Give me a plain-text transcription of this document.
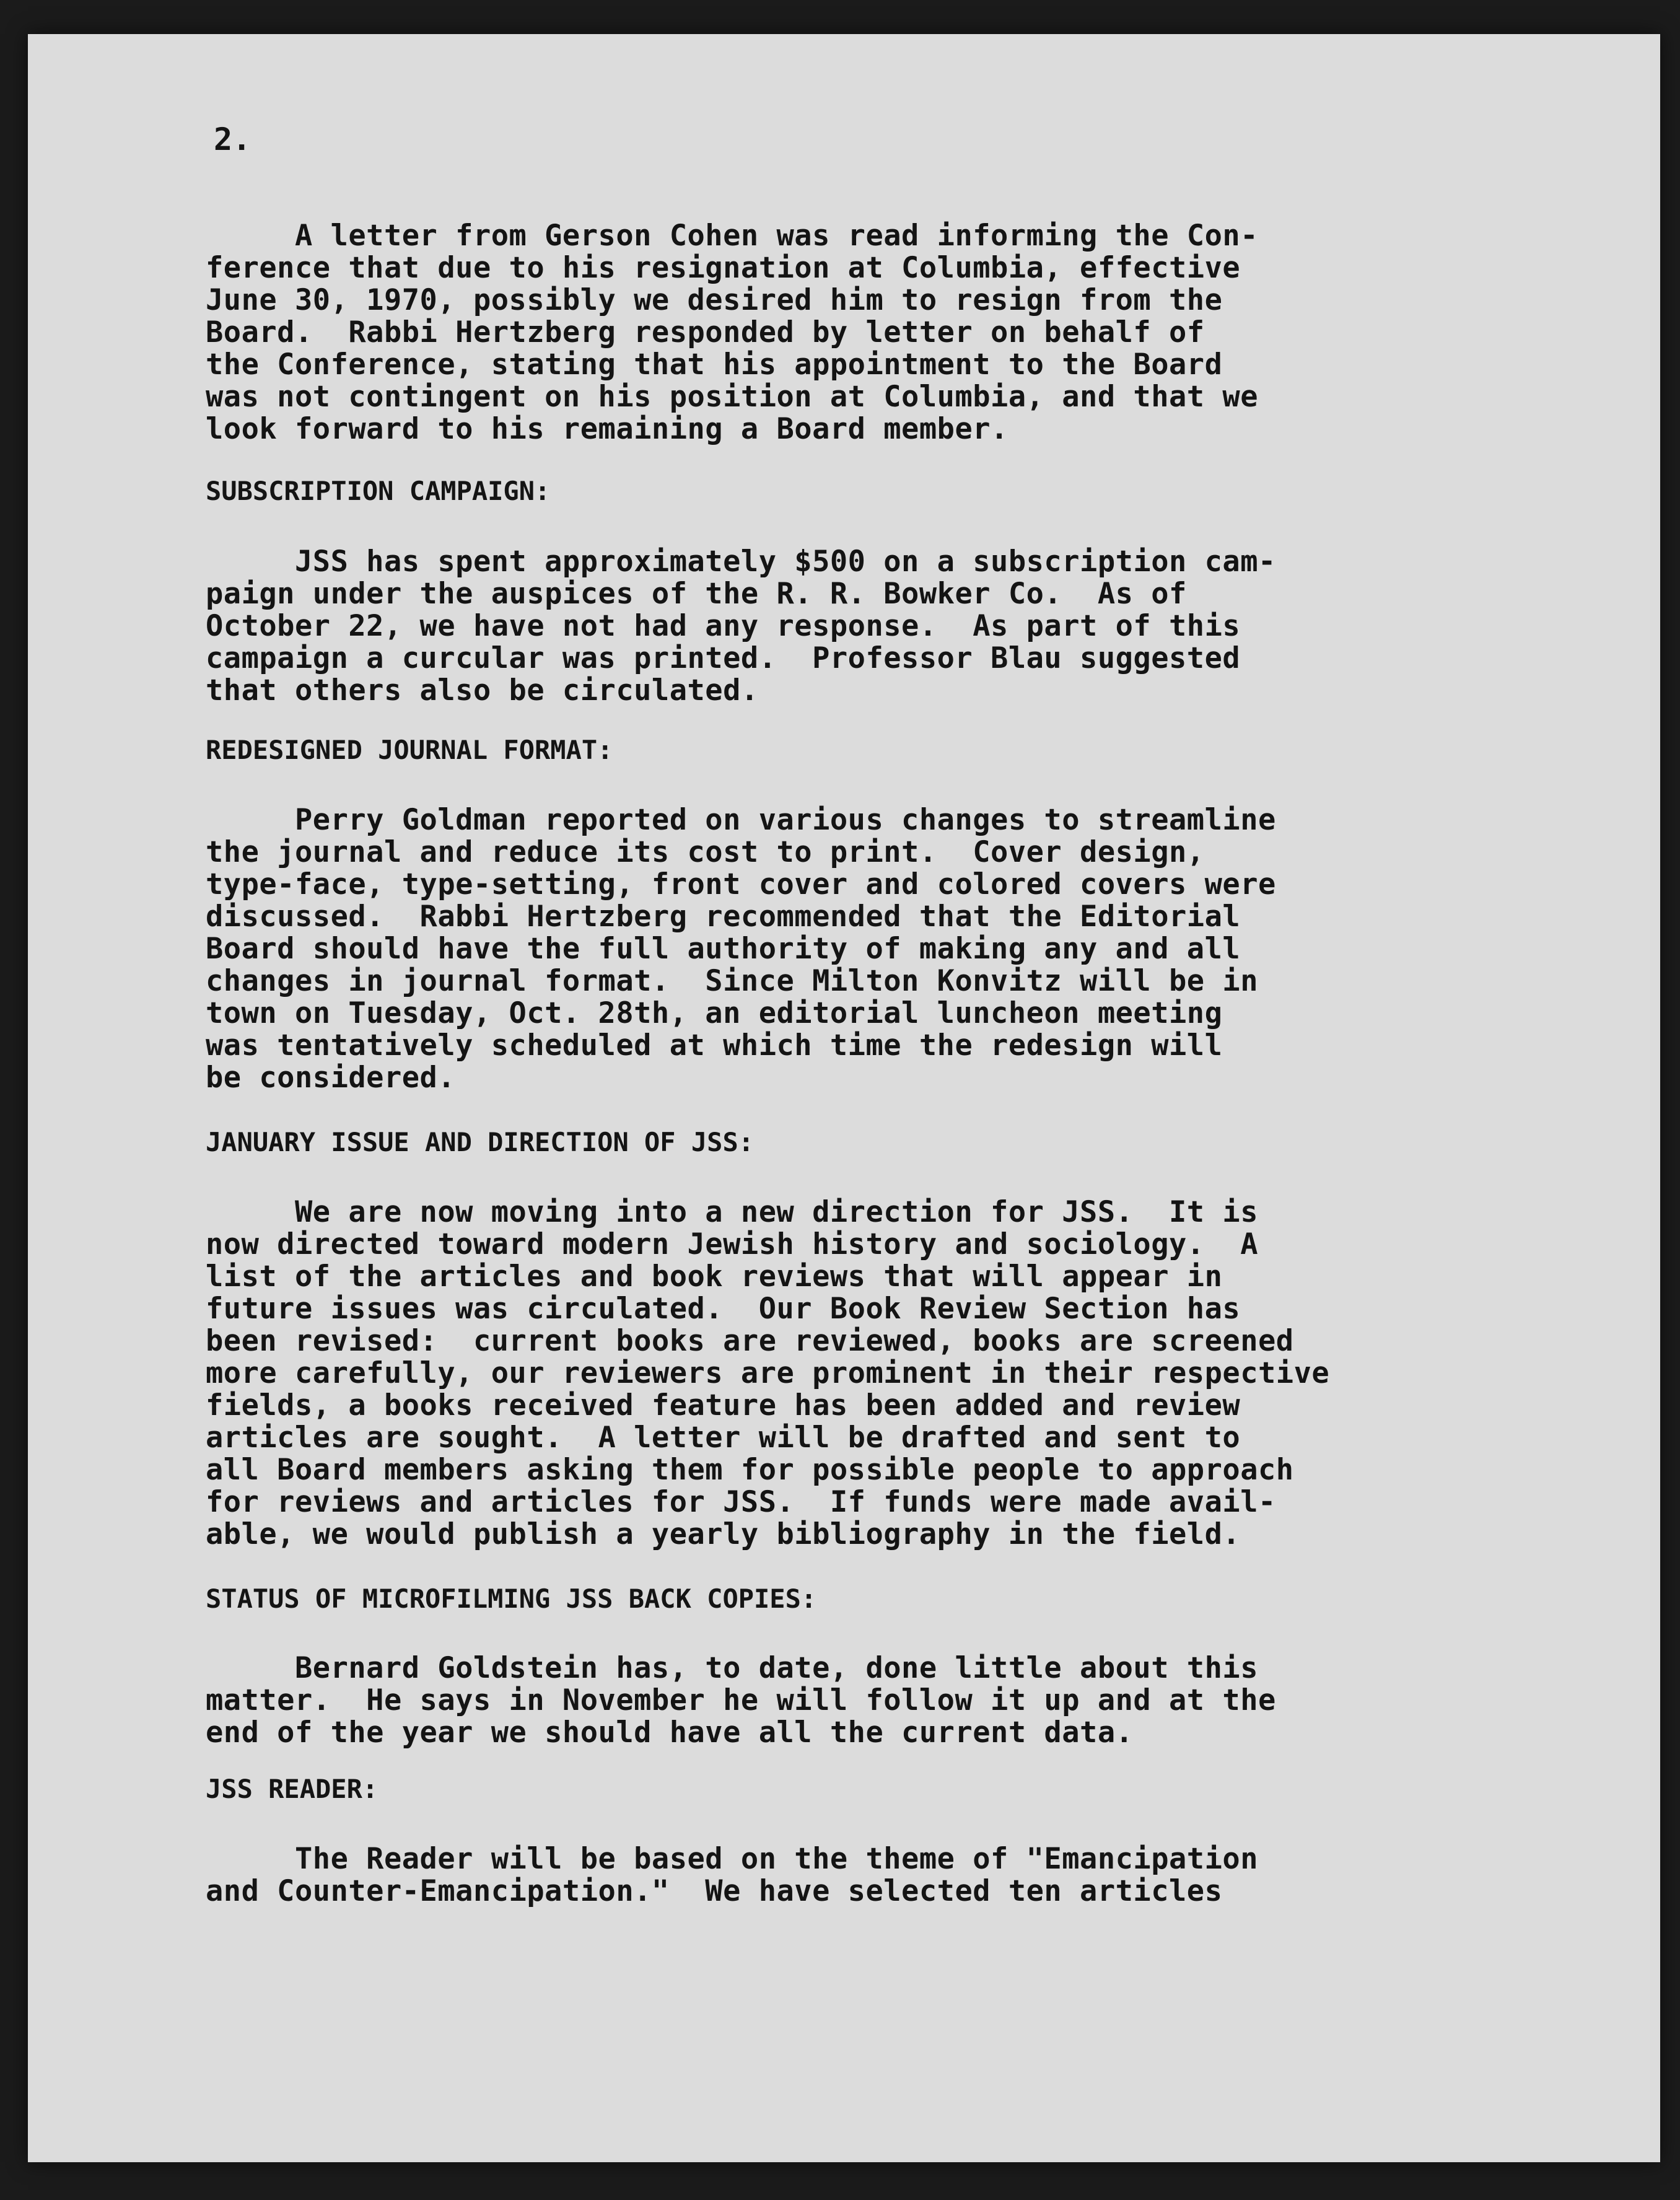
2.

A letter from Gerson Cohen was read informing the Con-
ference that due to his resignation at Columbia, effective
June 30, 1970, possibly we desired him to resign from the
Board.  Rabbi Hertzberg responded by letter on behalf of
the Conference, stating that his appointment to the Board
was not contingent on his position at Columbia, and that we
look forward to his remaining a Board member.

SUBSCRIPTION CAMPAIGN:

JSS has spent approximately $500 on a subscription cam-
paign under the auspices of the R. R. Bowker Co.  As of
October 22, we have not had any response.  As part of this
campaign a curcular was printed.  Professor Blau suggested
that others also be circulated.

REDESIGNED JOURNAL FORMAT:

Perry Goldman reported on various changes to streamline
the journal and reduce its cost to print.  Cover design,
type-face, type-setting, front cover and colored covers were
discussed.  Rabbi Hertzberg recommended that the Editorial
Board should have the full authority of making any and all
changes in journal format.  Since Milton Konvitz will be in
town on Tuesday, Oct. 28th, an editorial luncheon meeting
was tentatively scheduled at which time the redesign will
be considered.

JANUARY ISSUE AND DIRECTION OF JSS:

We are now moving into a new direction for JSS.  It is
now directed toward modern Jewish history and sociology.  A
list of the articles and book reviews that will appear in
future issues was circulated.  Our Book Review Section has
been revised:  current books are reviewed, books are screened
more carefully, our reviewers are prominent in their respective
fields, a books received feature has been added and review
articles are sought.  A letter will be drafted and sent to
all Board members asking them for possible people to approach
for reviews and articles for JSS.  If funds were made avail-
able, we would publish a yearly bibliography in the field.

STATUS OF MICROFILMING JSS BACK COPIES:

Bernard Goldstein has, to date, done little about this
matter.  He says in November he will follow it up and at the
end of the year we should have all the current data.

JSS READER:

The Reader will be based on the theme of "Emancipation
and Counter-Emancipation."  We have selected ten articles
